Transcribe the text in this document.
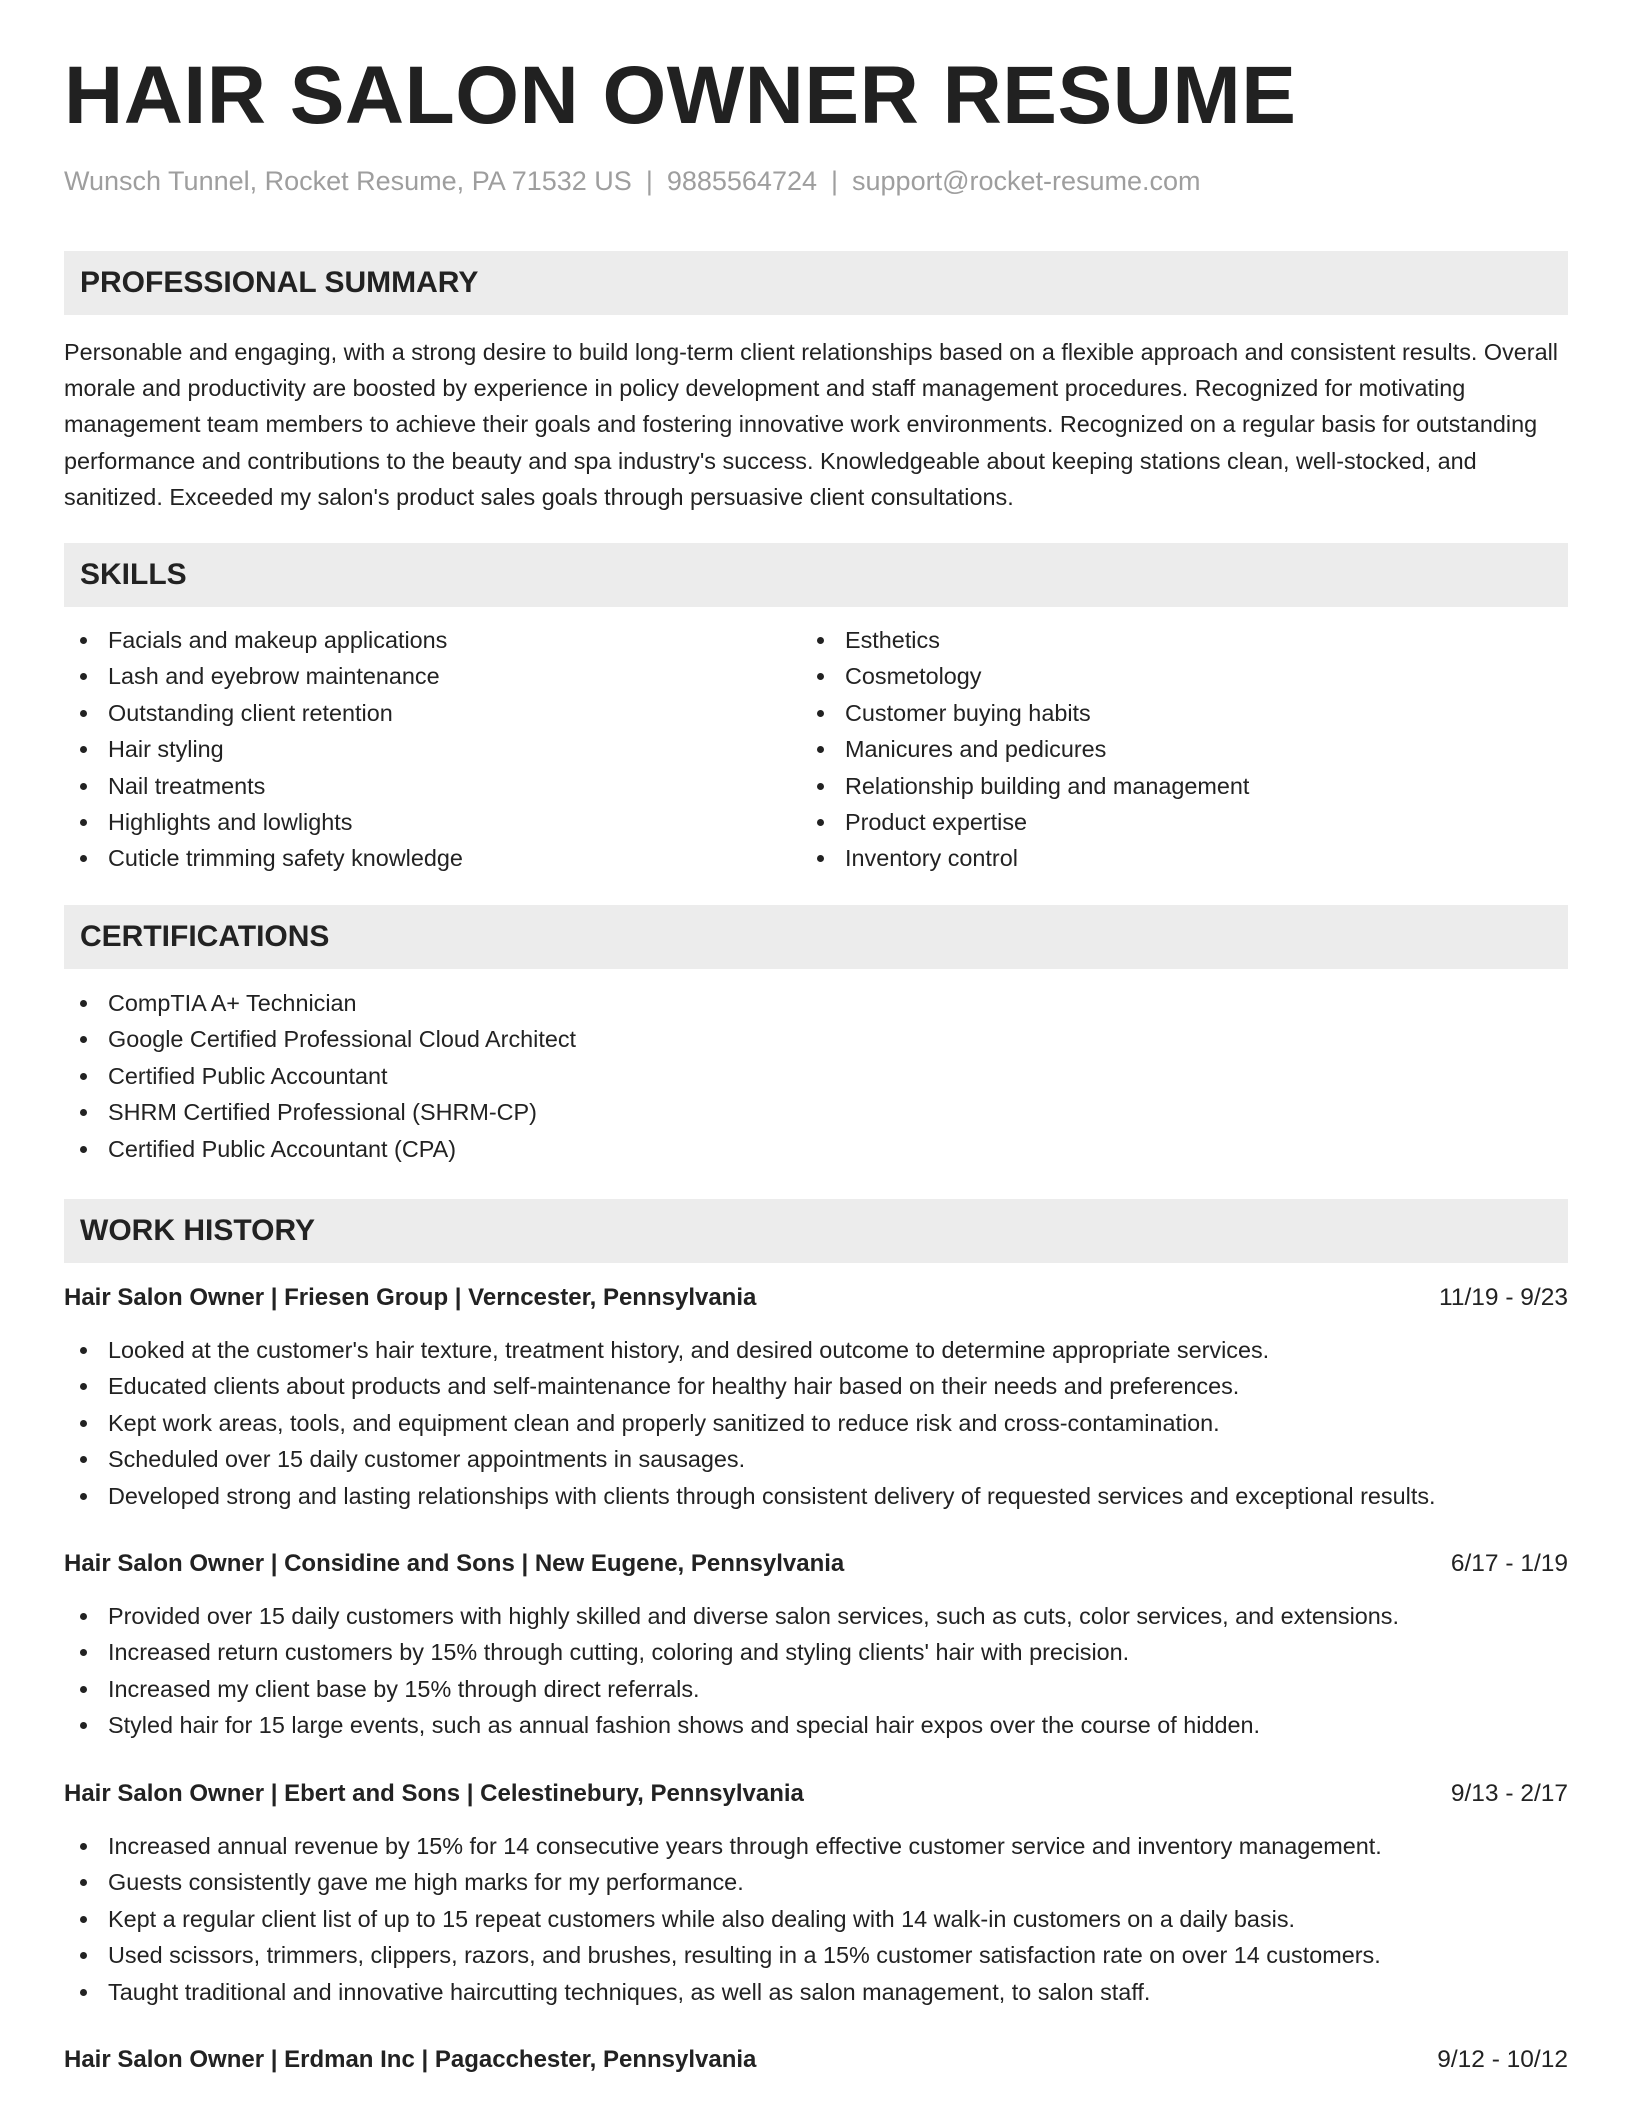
HAIR SALON OWNER RESUME
Wunsch Tunnel, Rocket Resume, PA 71532 US | 9885564724 | support@rocket-resume.com
PROFESSIONAL SUMMARY

Personable and engaging, with a strong desire to build long-term client relationships based on a flexible approach and consistent results. Overall morale and productivity are boosted by experience in policy development and staff management procedures. Recognized for motivating management team members to achieve their goals and fostering innovative work environments. Recognized on a regular basis for outstanding performance and contributions to the beauty and spa industry's success. Knowledgeable about keeping stations clean, well-stocked, and sanitized. Exceeded my salon's product sales goals through persuasive client consultations.

SKILLS
Facials and makeup applications
Lash and eyebrow maintenance
Outstanding client retention
Hair styling
Nail treatments
Highlights and lowlights
Cuticle trimming safety knowledge
Esthetics
Cosmetology
Customer buying habits
Manicures and pedicures
Relationship building and management
Product expertise
Inventory control
CERTIFICATIONS
CompTIA A+ Technician
Google Certified Professional Cloud Architect
Certified Public Accountant
SHRM Certified Professional (SHRM-CP)
Certified Public Accountant (CPA)
WORK HISTORY
Hair Salon Owner | Friesen Group | Verncester, Pennsylvania	11/19 - 9/23
Looked at the customer's hair texture, treatment history, and desired outcome to determine appropriate services.
Educated clients about products and self-maintenance for healthy hair based on their needs and preferences.
Kept work areas, tools, and equipment clean and properly sanitized to reduce risk and cross-contamination.
Scheduled over 15 daily customer appointments in sausages.
Developed strong and lasting relationships with clients through consistent delivery of requested services and exceptional results.
Hair Salon Owner | Considine and Sons | New Eugene, Pennsylvania	6/17 - 1/19
Provided over 15 daily customers with highly skilled and diverse salon services, such as cuts, color services, and extensions.
Increased return customers by 15% through cutting, coloring and styling clients' hair with precision.
Increased my client base by 15% through direct referrals.
Styled hair for 15 large events, such as annual fashion shows and special hair expos over the course of hidden.
Hair Salon Owner | Ebert and Sons | Celestinebury, Pennsylvania	9/13 - 2/17
Increased annual revenue by 15% for 14 consecutive years through effective customer service and inventory management.
Guests consistently gave me high marks for my performance.
Kept a regular client list of up to 15 repeat customers while also dealing with 14 walk-in customers on a daily basis.
Used scissors, trimmers, clippers, razors, and brushes, resulting in a 15% customer satisfaction rate on over 14 customers.
Taught traditional and innovative haircutting techniques, as well as salon management, to salon staff.
Hair Salon Owner | Erdman Inc | Pagacchester, Pennsylvania	9/12 - 10/12
